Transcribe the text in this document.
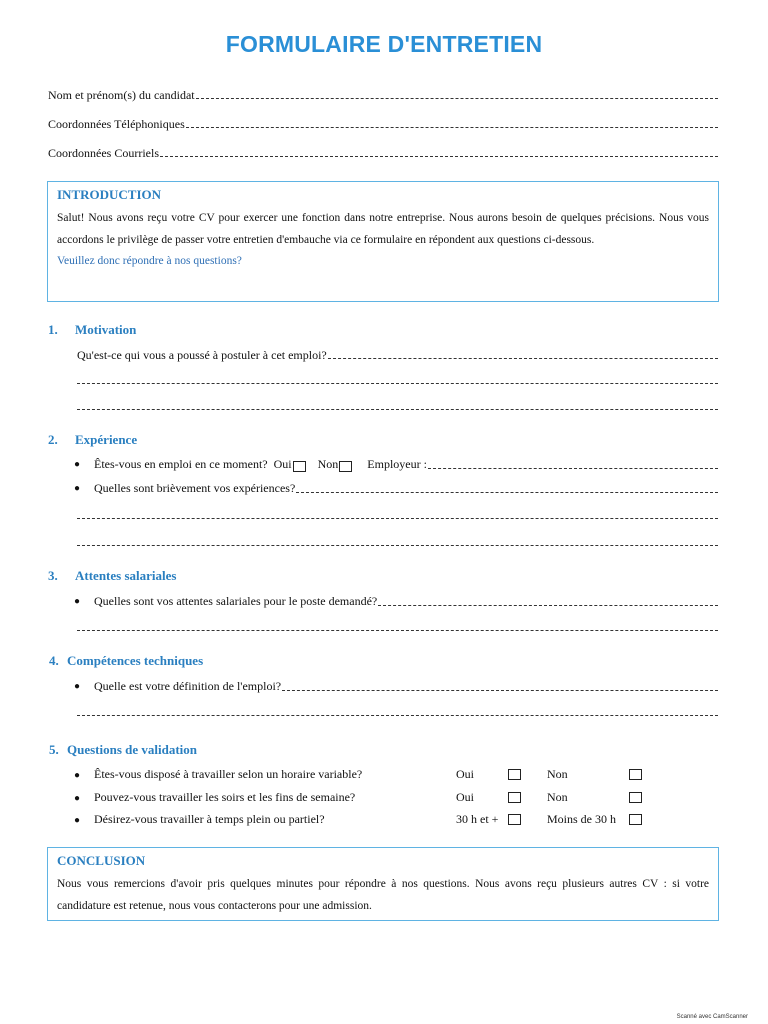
FORMULAIRE D'ENTRETIEN
Nom et prénom(s) du candidat
Coordonnées Téléphoniques
Coordonnées Courriels
INTRODUCTION

Salut! Nous avons reçu votre CV pour exercer une fonction dans notre entreprise. Nous aurons besoin de quelques précisions. Nous vous accordons le privilège de passer votre entretien d'embauche via ce formulaire en répondent aux questions ci-dessous.

Veuillez donc répondre à nos questions?
1. Motivation
Qu'est-ce qui vous a poussé à postuler à cet emploi?
2. Expérience
●	Êtes-vous en emploi en ce moment? Oui Non Employeur :
●	Quelles sont brièvement vos expériences?
3. Attentes salariales
●	Quelles sont vos attentes salariales pour le poste demandé?
4. Compétences techniques
●	Quelle est votre définition de l'emploi?
5. Questions de validation
● Êtes-vous disposé à travailler selon un horaire variable?	Oui	Non
● Pouvez-vous travailler les soirs et les fins de semaine?	Oui	Non
● Désirez-vous travailler à temps plein ou partiel?	30 h et +	Moins de 30 h
CONCLUSION

Nous vous remercions d'avoir pris quelques minutes pour répondre à nos questions. Nous avons reçu plusieurs autres CV : si votre candidature est retenue, nous vous contacterons pour une admission.

Scanné avec CamScanner
